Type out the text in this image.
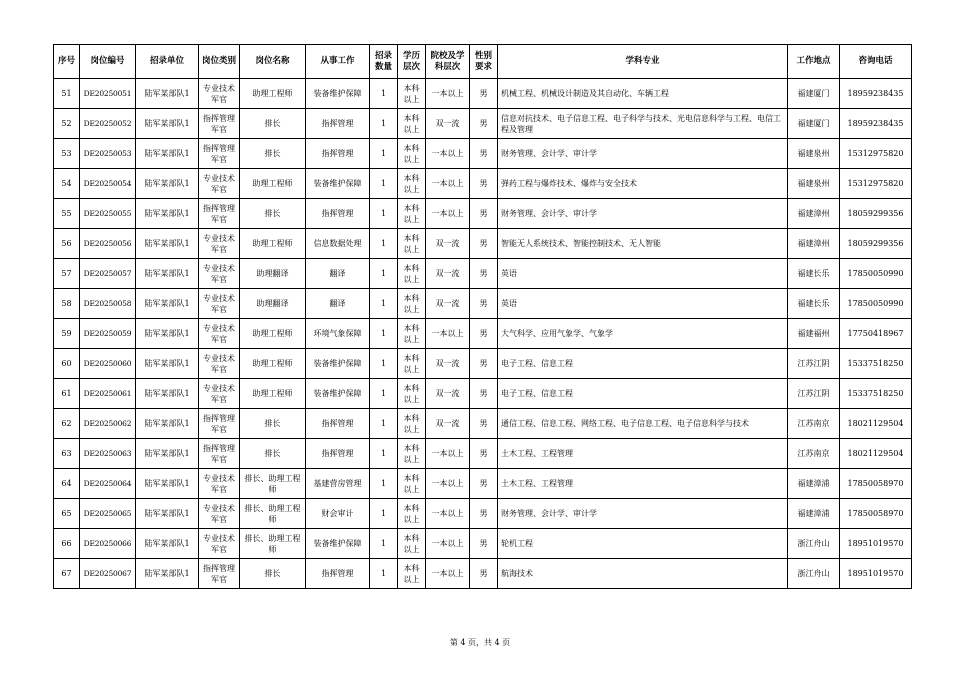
序号	岗位编号	招录单位	岗位类别	岗位名称	从事工作	招录数量	学历层次	院校及学科层次	性别要求	学科专业	工作地点	咨询电话
51	DE20250051	陆军某部队1	专业技术军官	助理工程师	装备维护保障	1	本科以上	一本以上	男	机械工程、机械设计制造及其自动化、车辆工程	福建厦门	18959238435
52	DE20250052	陆军某部队1	指挥管理军官	排长	指挥管理	1	本科以上	双一流	男	信息对抗技术、电子信息工程、电子科学与技术、光电信息科学与工程、电信工程及管理	福建厦门	18959238435
53	DE20250053	陆军某部队1	指挥管理军官	排长	指挥管理	1	本科以上	一本以上	男	财务管理、会计学、审计学	福建泉州	15312975820
54	DE20250054	陆军某部队1	专业技术军官	助理工程师	装备维护保障	1	本科以上	一本以上	男	弹药工程与爆炸技术、爆炸与安全技术	福建泉州	15312975820
55	DE20250055	陆军某部队1	指挥管理军官	排长	指挥管理	1	本科以上	一本以上	男	财务管理、会计学、审计学	福建漳州	18059299356
56	DE20250056	陆军某部队1	专业技术军官	助理工程师	信息数据处理	1	本科以上	双一流	男	智能无人系统技术、智能控制技术、无人智能	福建漳州	18059299356
57	DE20250057	陆军某部队1	专业技术军官	助理翻译	翻译	1	本科以上	双一流	男	英语	福建长乐	17850050990
58	DE20250058	陆军某部队1	专业技术军官	助理翻译	翻译	1	本科以上	双一流	男	英语	福建长乐	17850050990
59	DE20250059	陆军某部队1	专业技术军官	助理工程师	环境气象保障	1	本科以上	一本以上	男	大气科学、应用气象学、气象学	福建福州	17750418967
60	DE20250060	陆军某部队1	专业技术军官	助理工程师	装备维护保障	1	本科以上	双一流	男	电子工程、信息工程	江苏江阴	15337518250
61	DE20250061	陆军某部队1	专业技术军官	助理工程师	装备维护保障	1	本科以上	双一流	男	电子工程、信息工程	江苏江阴	15337518250
62	DE20250062	陆军某部队1	指挥管理军官	排长	指挥管理	1	本科以上	双一流	男	通信工程、信息工程、网络工程、电子信息工程、电子信息科学与技术	江苏南京	18021129504
63	DE20250063	陆军某部队1	指挥管理军官	排长	指挥管理	1	本科以上	一本以上	男	土木工程、工程管理	江苏南京	18021129504
64	DE20250064	陆军某部队1	专业技术军官	排长、助理工程师	基建营房管理	1	本科以上	一本以上	男	土木工程、工程管理	福建漳浦	17850058970
65	DE20250065	陆军某部队1	专业技术军官	排长、助理工程师	财会审计	1	本科以上	一本以上	男	财务管理、会计学、审计学	福建漳浦	17850058970
66	DE20250066	陆军某部队1	专业技术军官	排长、助理工程师	装备维护保障	1	本科以上	一本以上	男	轮机工程	浙江舟山	18951019570
67	DE20250067	陆军某部队1	指挥管理军官	排长	指挥管理	1	本科以上	一本以上	男	航海技术	浙江舟山	18951019570
第 4 页，共 4 页
